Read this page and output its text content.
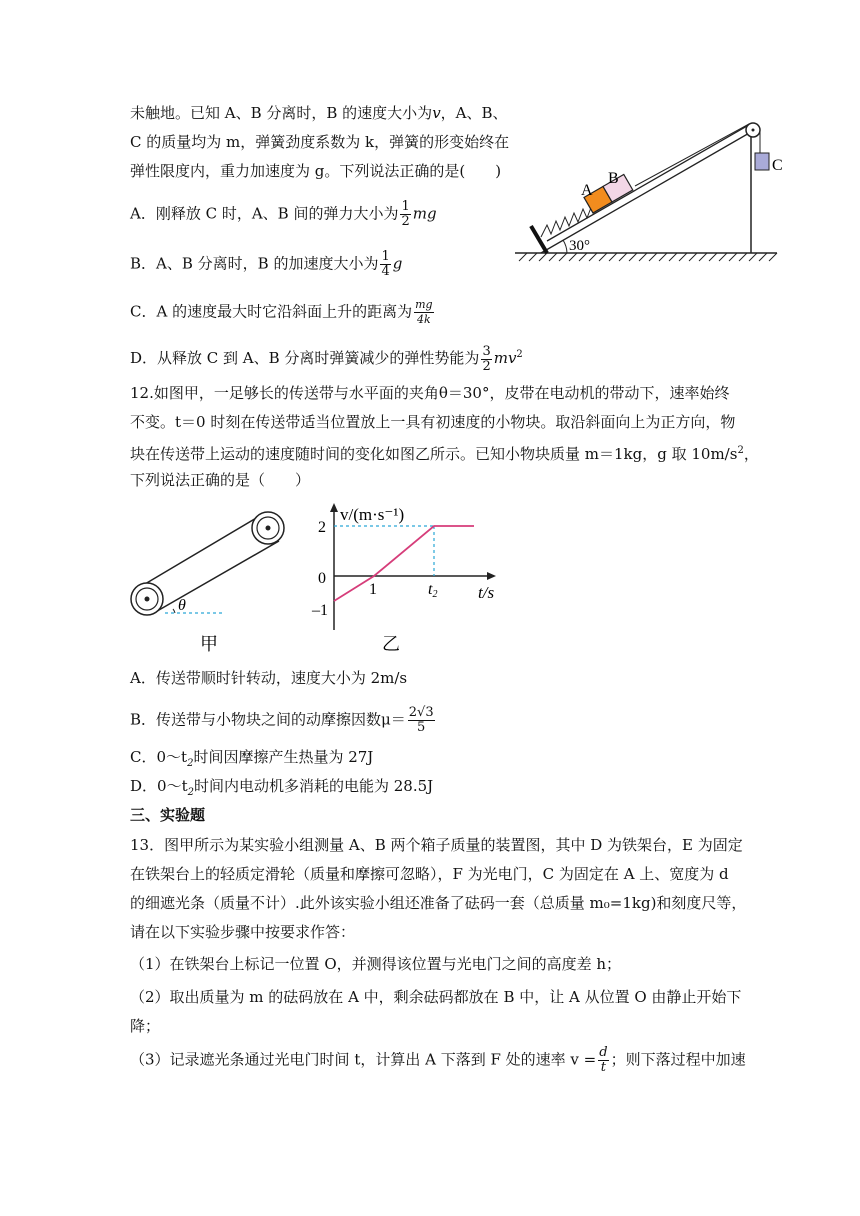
未触地。已知 A、B 分离时，B 的速度大小为v，A、B、
C 的质量均为 m，弹簧劲度系数为 k，弹簧的形变始终在
弹性限度内，重力加速度为 g。下列说法正确的是(　　)
A．刚释放 C 时，A、B 间的弹力大小为 $\frac{1}{2}$ mg
B．A、B 分离时，B 的加速度大小为 $\frac{1}{4}$ g
C．A 的速度最大时它沿斜面上升的距离为 $\frac{mg}{4k}$
D．从释放 C 到 A、B 分离时弹簧减少的弹性势能为 $\frac{3}{2} mv^2$
A
B
C
30°
12.如图甲，一足够长的传送带与水平面的夹角θ＝30°，皮带在电动机的带动下，速率始终
不变。t＝0 时刻在传送带适当位置放上一具有初速度的小物块。取沿斜面向上为正方向，物
块在传送带上运动的速度随时间的变化如图乙所示。已知小物块质量 m＝1kg，g 取 $10m/s^2$，
下列说法正确的是（　　）
θ
甲
v/(m·s⁻¹)
t/s
2
0
–1
1	t2
乙
A．传送带顺时针转动，速度大小为 2m/s
B．传送带与小物块之间的动摩擦因数$\mu= \frac{2√3}{5}$
C．$0\sim t_2$时间因摩擦产生热量为 27J
D．$0\sim t_2$时间内电动机多消耗的电能为 28.5J
三、实验题
13．图甲所示为某实验小组测量 A、B 两个箱子质量的装置图，其中 D 为铁架台，E 为固定
在铁架台上的轻质定滑轮（质量和摩擦可忽略），F 为光电门，C 为固定在 A 上、宽度为 d
的细遮光条（质量不计）.此外该实验小组还准备了砝码一套（总质量 m₀=1kg)和刻度尺等，
请在以下实验步骤中按要求作答：
（1）在铁架台上标记一位置 O，并测得该位置与光电门之间的高度差 h；
（2）取出质量为 m 的砝码放在 A 中，剩余砝码都放在 B 中，让 A 从位置 O 由静止开始下
降；
（3）记录遮光条通过光电门时间 t，计算出 A 下落到 F 处的速率 $v = \frac{d}{t}$ ；则下落过程中加速
